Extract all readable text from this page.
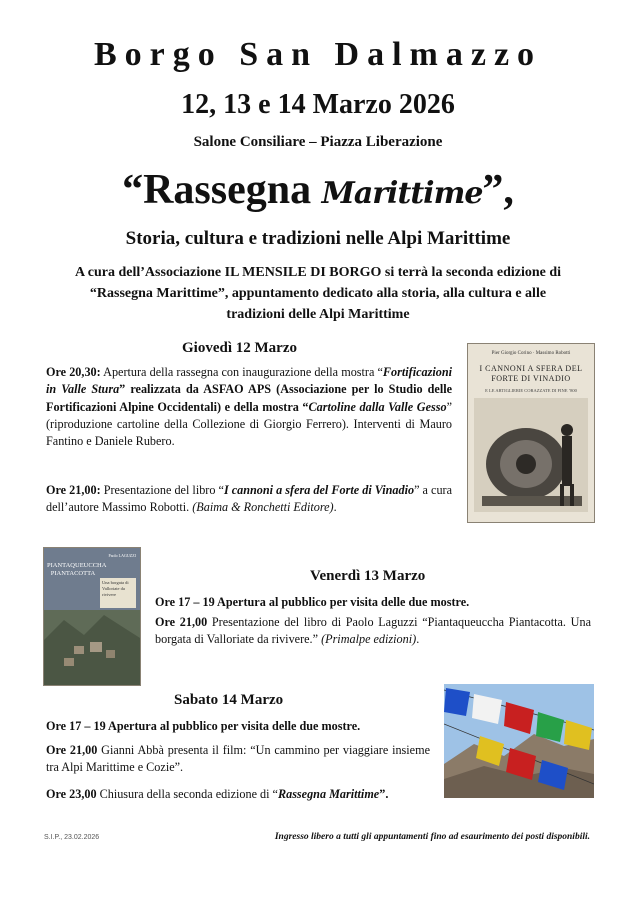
Borgo San Dalmazzo
12, 13 e 14 Marzo 2026
Salone Consiliare – Piazza Liberazione
“Rassegna Marittime”,
Storia, cultura e tradizioni nelle Alpi Marittime
A cura dell’Associazione IL MENSILE DI BORGO si terrà la seconda edizione di “Rassegna Marittime”, appuntamento dedicato alla storia, alla cultura e alle tradizioni delle Alpi Marittime
Giovedì 12 Marzo
Ore 20,30: Apertura della rassegna con inaugurazione della mostra “Fortificazioni in Valle Stura” realizzata da ASFAO APS (Associazione per lo Studio delle Fortificazioni Alpine Occidentali) e della mostra “Cartoline dalla Valle Gesso” (riproduzione cartoline della Collezione di Giorgio Ferrero). Interventi di Mauro Fantino e Daniele Rubero.
Ore 21,00: Presentazione del libro “I cannoni a sfera del Forte di Vinadio” a cura dell’autore Massimo Robotti. (Baima & Ronchetti Editore).
Pier Giorgio Corino · Massimo Robotti
I CANNONI A SFERA DEL FORTE DI VINADIO
E LE ARTIGLIERIE CORAZZATE DI FINE ’800
Paolo LAGUZZI
PIANTAQUEUCCHA PIANTACOTTA
Una borgata di Valloriate da rivivere
Venerdì 13 Marzo
Ore 17 – 19 Apertura al pubblico per visita delle due mostre.
Ore 21,00 Presentazione del libro di Paolo Laguzzi “Piantaqueuccha Piantacotta. Una borgata di Valloriate da rivivere.” (Primalpe edizioni).
Sabato 14 Marzo
Ore 17 – 19 Apertura al pubblico per visita delle due mostre.
Ore 21,00 Gianni Abbà presenta il film: “Un cammino per viaggiare insieme tra Alpi Marittime e Cozie”.
Ore 23,00 Chiusura della seconda edizione di “Rassegna Marittime”.
S.I.P., 23.02.2026	Ingresso libero a tutti gli appuntamenti fino ad esaurimento dei posti disponibili.
